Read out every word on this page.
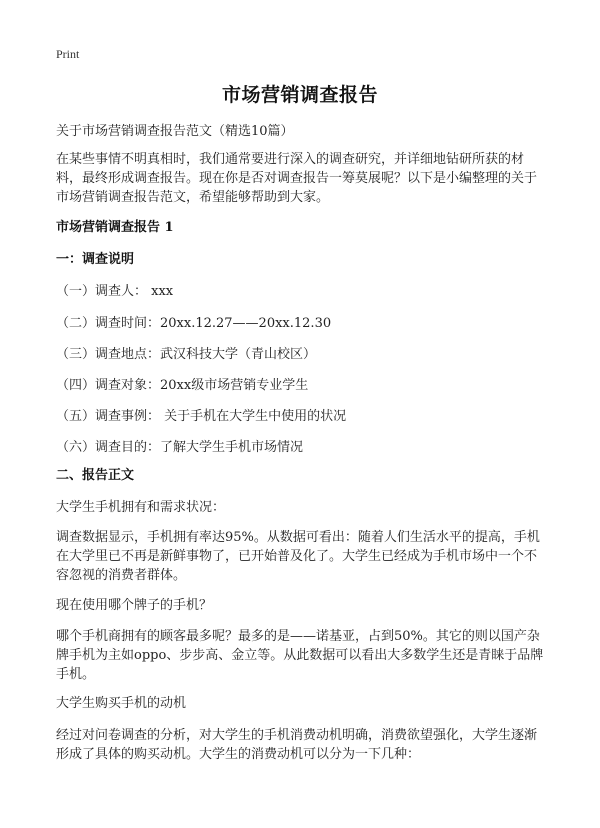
Print
市场营销调查报告

关于市场营销调查报告范文（精选10篇）

在某些事情不明真相时，我们通常要进行深入的调查研究，并详细地钻研所获的材料，最终形成调查报告。现在你是否对调查报告一筹莫展呢？以下是小编整理的关于市场营销调查报告范文，希望能够帮助到大家。

市场营销调查报告 1

一：调查说明

（一）调查人： xxx

（二）调查时间：20xx.12.27——20xx.12.30

（三）调查地点：武汉科技大学（青山校区）

（四）调查对象：20xx级市场营销专业学生

（五）调查事例： 关于手机在大学生中使用的状况

（六）调查目的：了解大学生手机市场情况

二、报告正文

大学生手机拥有和需求状况：

调查数据显示，手机拥有率达95%。从数据可看出：随着人们生活水平的提高，手机在大学里已不再是新鲜事物了，已开始普及化了。大学生已经成为手机市场中一个不容忽视的消费者群体。

现在使用哪个牌子的手机？

哪个手机商拥有的顾客最多呢？最多的是——诺基亚，占到50%。其它的则以国产杂牌手机为主如oppo、步步高、金立等。从此数据可以看出大多数学生还是青睐于品牌手机。

大学生购买手机的动机

经过对问卷调查的分析，对大学生的手机消费动机明确，消费欲望强化，大学生逐渐形成了具体的购买动机。大学生的消费动机可以分为一下几种：
